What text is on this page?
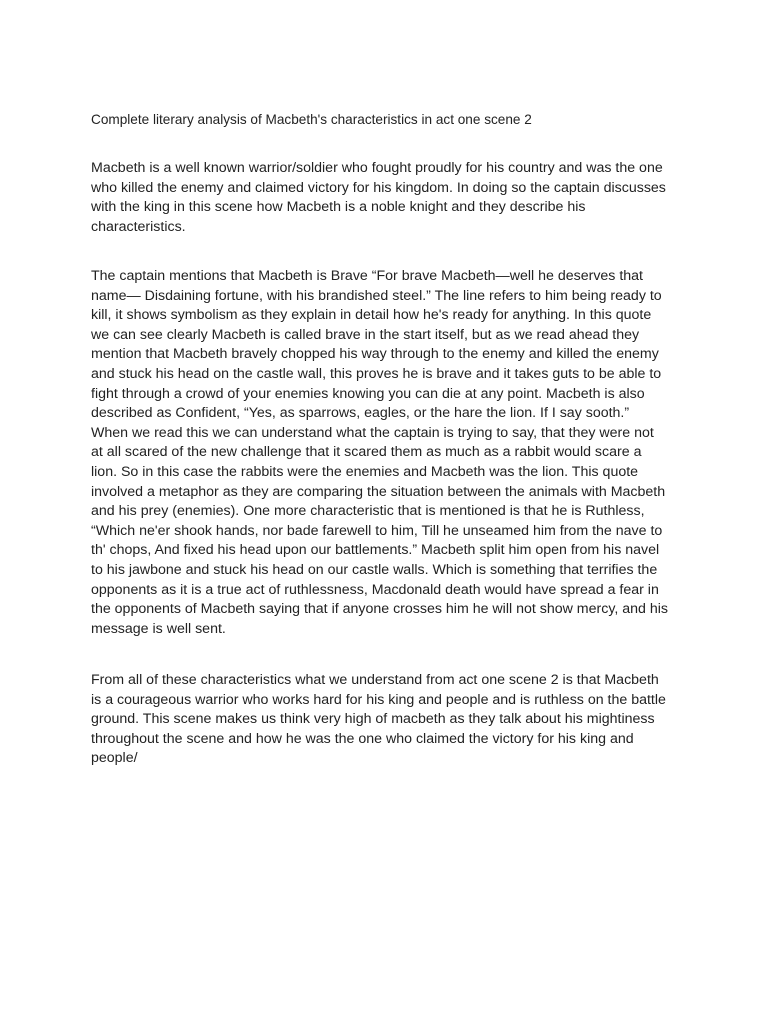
Complete literary analysis of Macbeth's characteristics in act one scene 2

Macbeth is a well known warrior/soldier who fought proudly for his country and was the one
who killed the enemy and claimed victory for his kingdom. In doing so the captain discusses
with the king in this scene how Macbeth is a noble knight and they describe his
characteristics.

The captain mentions that Macbeth is Brave “For brave Macbeth—well he deserves that
name— Disdaining fortune, with his brandished steel.” The line refers to him being ready to
kill, it shows symbolism as they explain in detail how he's ready for anything. In this quote
we can see clearly Macbeth is called brave in the start itself, but as we read ahead they
mention that Macbeth bravely chopped his way through to the enemy and killed the enemy
and stuck his head on the castle wall, this proves he is brave and it takes guts to be able to
fight through a crowd of your enemies knowing you can die at any point. Macbeth is also
described as Confident, “Yes, as sparrows, eagles, or the hare the lion. If I say sooth.”
When we read this we can understand what the captain is trying to say, that they were not
at all scared of the new challenge that it scared them as much as a rabbit would scare a
lion. So in this case the rabbits were the enemies and Macbeth was the lion. This quote
involved a metaphor as they are comparing the situation between the animals with Macbeth
and his prey (enemies). One more characteristic that is mentioned is that he is Ruthless,
“Which ne'er shook hands, nor bade farewell to him, Till he unseamed him from the nave to
th' chops, And fixed his head upon our battlements.” Macbeth split him open from his navel
to his jawbone and stuck his head on our castle walls. Which is something that terrifies the
opponents as it is a true act of ruthlessness, Macdonald death would have spread a fear in
the opponents of Macbeth saying that if anyone crosses him he will not show mercy, and his
message is well sent.

From all of these characteristics what we understand from act one scene 2 is that Macbeth
is a courageous warrior who works hard for his king and people and is ruthless on the battle
ground. This scene makes us think very high of macbeth as they talk about his mightiness
throughout the scene and how he was the one who claimed the victory for his king and
people/
